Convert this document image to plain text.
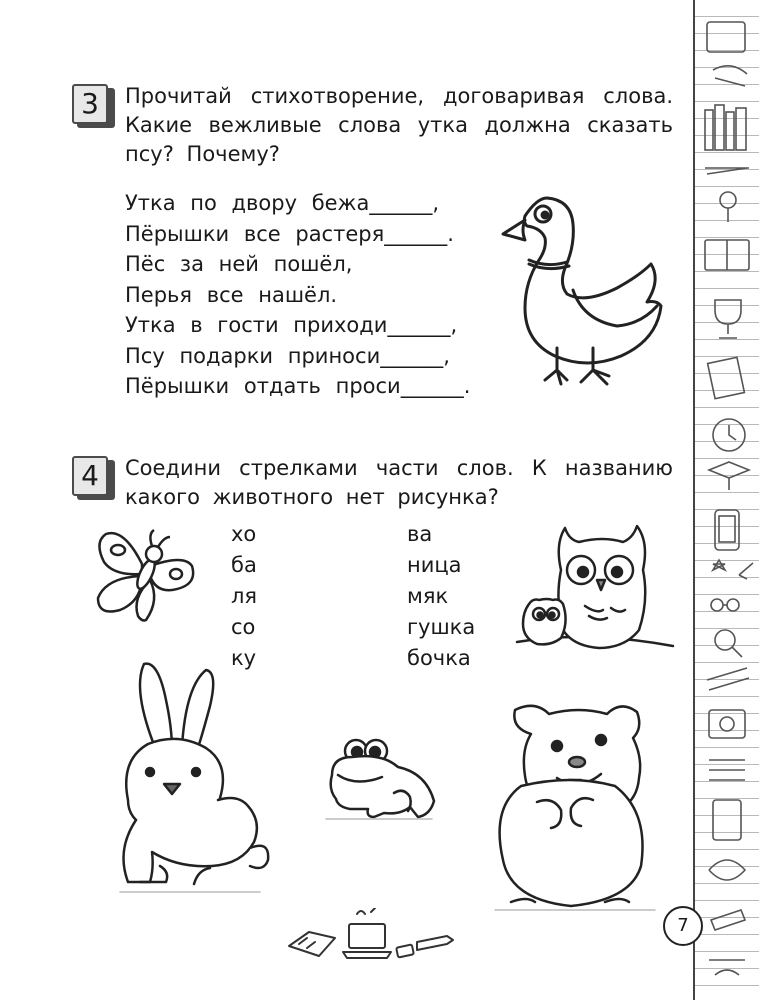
3	Прочитай стихотворение, договаривая слова.
Какие вежливые слова утка должна сказать
псу? Почему?
Утка по двору бежа______,
Пёрышки все растеря______.
Пёс за ней пошёл,
Перья все нашёл.
Утка в гости приходи______,
Псу подарки приноси______,
Пёрышки отдать проси______.
4	Соедини стрелками части слов. К названию какого животного нет рисунка?
хо
ба
ля
со
ку
ва
ница
мяк
гушка
бочка
7
